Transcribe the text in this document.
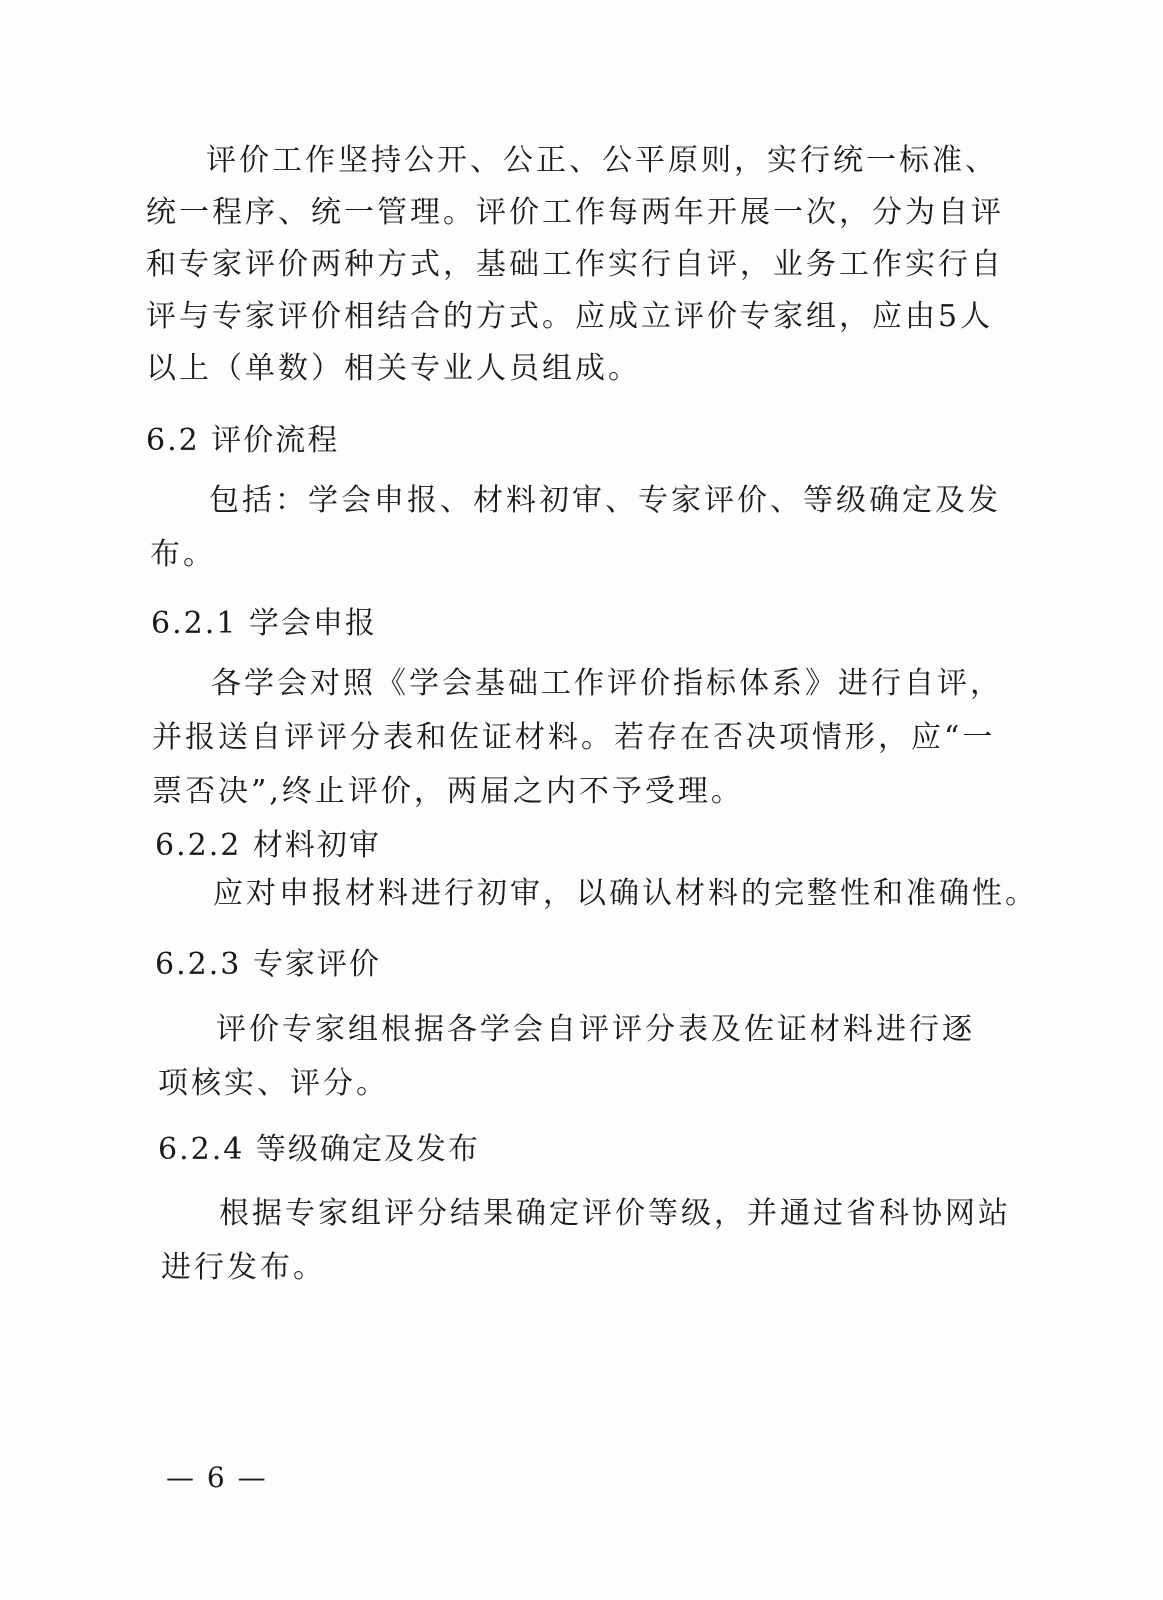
评价工作坚持公开、公正、公平原则，实行统一标准、
统一程序、统一管理。评价工作每两年开展一次，分为自评
和专家评价两种方式，基础工作实行自评，业务工作实行自
评与专家评价相结合的方式。应成立评价专家组，应由5人
以上（单数）相关专业人员组成。
6.2 评价流程
包括：学会申报、材料初审、专家评价、等级确定及发
布。
6.2.1 学会申报
各学会对照《学会基础工作评价指标体系》进行自评，
并报送自评评分表和佐证材料。若存在否决项情形，应“一
票否决”,终止评价，两届之内不予受理。
6.2.2 材料初审
应对申报材料进行初审，以确认材料的完整性和准确性。
6.2.3 专家评价
评价专家组根据各学会自评评分表及佐证材料进行逐
项核实、评分。
6.2.4 等级确定及发布
根据专家组评分结果确定评价等级，并通过省科协网站
进行发布。
— 6 —
